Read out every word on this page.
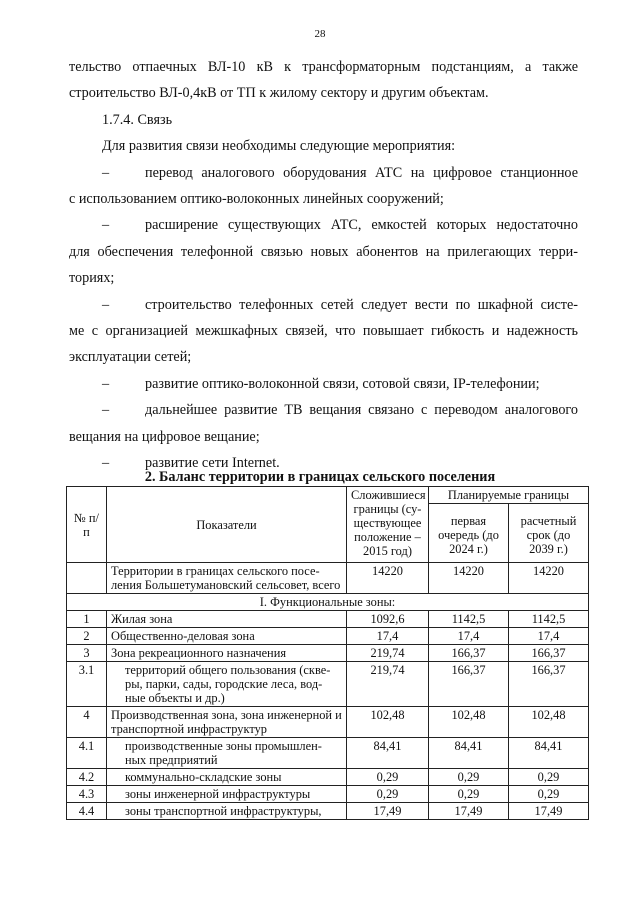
28

тельство отпаечных ВЛ-10 кВ к трансформаторным подстанциям, а также

строительство ВЛ-0,4кВ от ТП к жилому сектору и другим объектам.

1.7.4. Связь

Для развития связи необходимы следующие мероприятия:

–	перевод аналогового оборудования АТС на цифровое станционное

с использованием оптико-волоконных линейных сооружений;

–	расширение существующих АТС, емкостей которых недостаточно

для обеспечения телефонной связью новых абонентов на прилегающих терри-

ториях;

–	строительство телефонных сетей следует вести по шкафной систе-

ме с организацией межшкафных связей, что повышает гибкость и надежность

эксплуатации сетей;

–	развитие оптико-волоконной связи, сотовой связи, IP-телефонии;
–	дальнейшее развитие ТВ вещания связано с переводом аналогового

вещания на цифровое вещание;

–	развитие сети Internet.
2. Баланс территории в границах сельского поселения
№ п/п	Показатели	Сложившиеся границы (су-ществующее положение – 2015 год)	Планируемые границы	
			первая очередь (до 2024 г.)	расчетный срок (до 2039 г.)
	Территории в границах сельского посе-ления Большетумановский сельсовет, всего	14220	14220	14220
I. Функциональные зоны:				
1	Жилая зона	1092,6	1142,5	1142,5
2	Общественно-деловая зона	17,4	17,4	17,4
3	Зона рекреационного назначения	219,74	166,37	166,37
3.1	территорий общего пользования (скве-ры, парки, сады, городские леса, вод-ные объекты и др.)	219,74	166,37	166,37
4	Производственная зона, зона инженерной и транспортной инфраструктур	102,48	102,48	102,48
4.1	производственные зоны промышлен-ных предприятий	84,41	84,41	84,41
4.2	коммунально-складские зоны	0,29	0,29	0,29
4.3	зоны инженерной инфраструктуры	0,29	0,29	0,29
4.4	зоны транспортной инфраструктуры,	17,49	17,49	17,49
